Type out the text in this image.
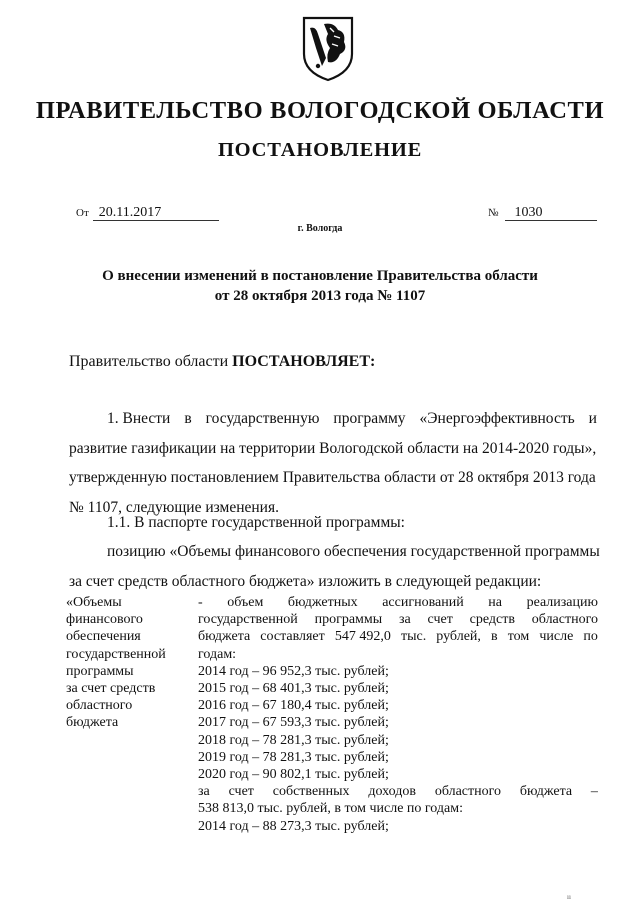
ПРАВИТЕЛЬСТВО ВОЛОГОДСКОЙ ОБЛАСТИ
ПОСТАНОВЛЕНИЕ
От 20.11.2017	№ 1030
г. Вологда
О внесении изменений в постановление Правительства области
от 28 октября 2013 года № 1107
Правительство области ПОСТАНОВЛЯЕТ:
1. Внести в государственную программу «Энергоэффективность и
развитие газификации на территории Вологодской области на 2014-2020 годы»,
утвержденную постановлением Правительства области от 28 октября 2013 года
№ 1107, следующие изменения.
1.1. В паспорте государственной программы:
позицию «Объемы финансового обеспечения государственной программы
за счет средств областного бюджета» изложить в следующей редакции:
«Объемы
финансового
обеспечения
государственной
программы
за счет средств
областного
бюджета
- объем бюджетных ассигнований на реализацию
государственной программы за счет средств областного
бюджета составляет 547 492,0 тыс. рублей, в том числе по
годам:
2014 год – 96 952,3 тыс. рублей;
2015 год – 68 401,3 тыс. рублей;
2016 год – 67 180,4 тыс. рублей;
2017 год – 67 593,3 тыс. рублей;
2018 год – 78 281,3 тыс. рублей;
2019 год – 78 281,3 тыс. рублей;
2020 год – 90 802,1 тыс. рублей;
за счет собственных доходов областного бюджета –
538 813,0 тыс. рублей, в том числе по годам:
2014 год – 88 273,3 тыс. рублей;
ıı
